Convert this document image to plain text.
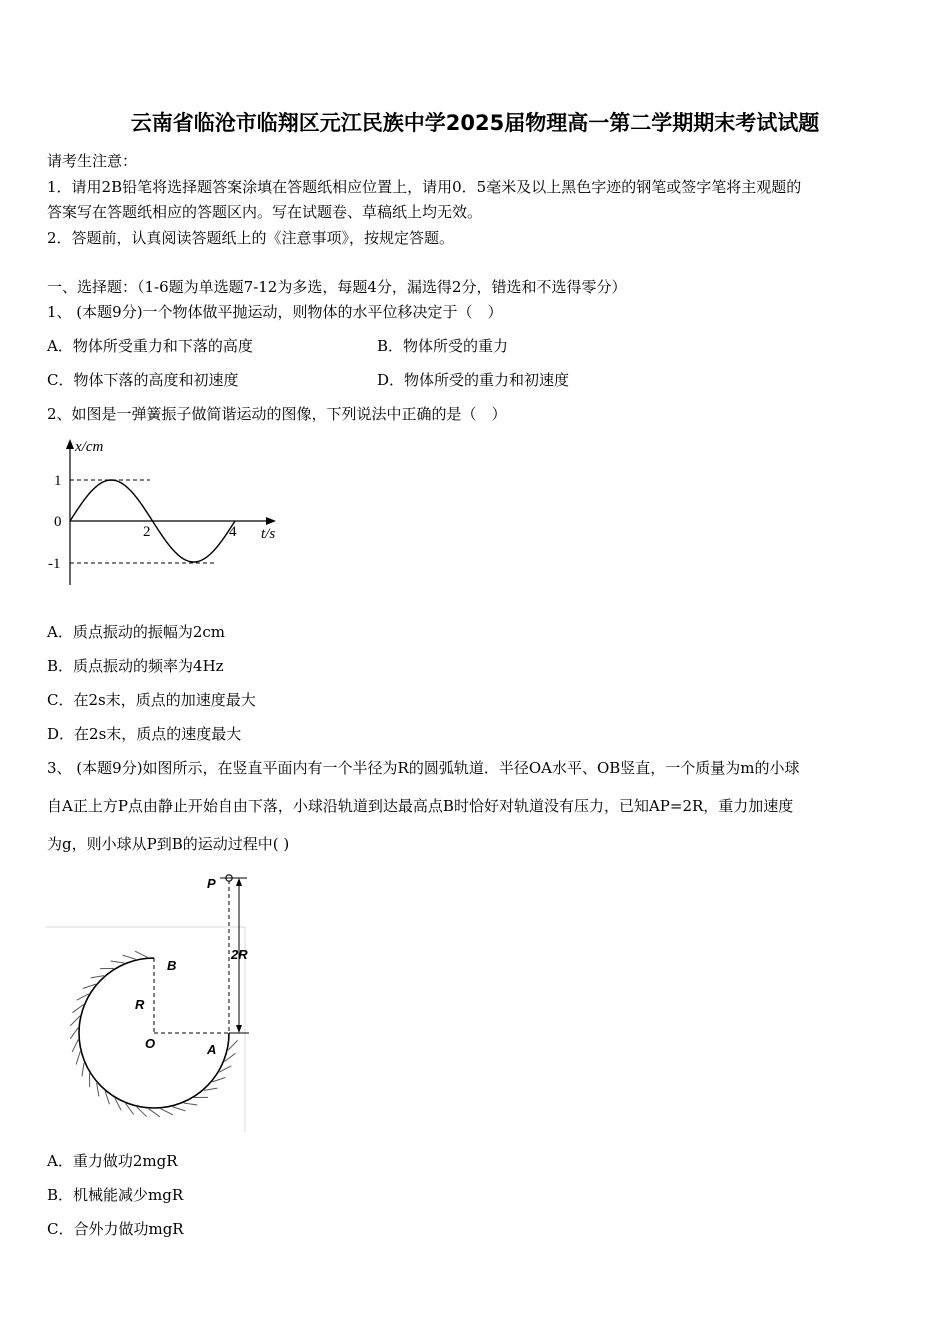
云南省临沧市临翔区元江民族中学2025届物理高一第二学期期末考试试题
请考生注意：
1．请用2B铅笔将选择题答案涂填在答题纸相应位置上，请用0．5毫米及以上黑色字迹的钢笔或签字笔将主观题的
答案写在答题纸相应的答题区内。写在试题卷、草稿纸上均无效。
2．答题前，认真阅读答题纸上的《注意事项》，按规定答题。
一、选择题：（1-6题为单选题7-12为多选，每题4分，漏选得2分，错选和不选得零分）
1、 (本题9分)一个物体做平抛运动，则物体的水平位移决定于（　）
A．物体所受重力和下落的高度	B．物体所受的重力
C．物体下落的高度和初速度	D．物体所受的重力和初速度
2、如图是一弹簧振子做简谐运动的图像，下列说法中正确的是（　）
x/cm
t/s
1
0
-1
2	4
A．质点振动的振幅为2cm
B．质点振动的频率为4Hz
C．在2s末，质点的加速度最大
D．在2s末，质点的速度最大
3、 (本题9分)如图所示，在竖直平面内有一个半径为R的圆弧轨道．半径OA水平、OB竖直，一个质量为m的小球
自A正上方P点由静止开始自由下落，小球沿轨道到达最高点B时恰好对轨道没有压力，已知AP=2R，重力加速度
为g，则小球从P到B的运动过程中( )
P
B
R
O	A
2R
A．重力做功2mgR
B．机械能减少mgR
C．合外力做功mgR
